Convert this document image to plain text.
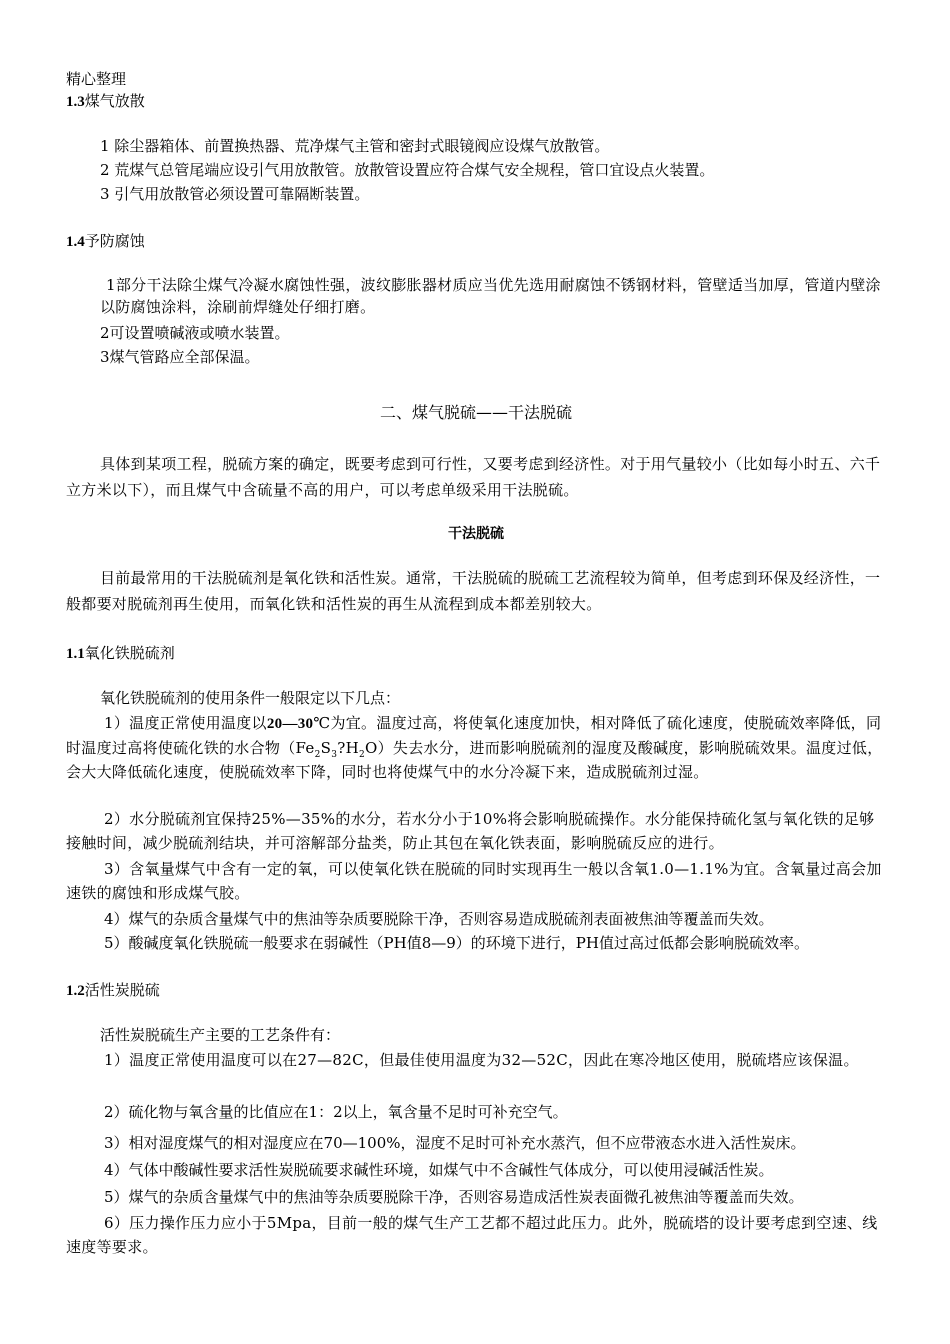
精心整理
1.3煤气放散
1 除尘器箱体、前置换热器、荒净煤气主管和密封式眼镜阀应设煤气放散管。
2 荒煤气总管尾端应设引气用放散管。放散管设置应符合煤气安全规程，管口宜设点火装置。
3 引气用放散管必须设置可靠隔断装置。
1.4予防腐蚀
1部分干法除尘煤气冷凝水腐蚀性强，波纹膨胀器材质应当优先选用耐腐蚀不锈钢材料，管壁适当加厚，管道内壁涂以防腐蚀涂料，涂刷前焊缝处仔细打磨。
2可设置喷碱液或喷水装置。
3煤气管路应全部保温。
二、煤气脱硫——干法脱硫
具体到某项工程，脱硫方案的确定，既要考虑到可行性，又要考虑到经济性。对于用气量较小（比如每小时五、六千立方米以下），而且煤气中含硫量不高的用户，可以考虑单级采用干法脱硫。
干法脱硫
目前最常用的干法脱硫剂是氧化铁和活性炭。通常，干法脱硫的脱硫工艺流程较为简单，但考虑到环保及经济性，一般都要对脱硫剂再生使用，而氧化铁和活性炭的再生从流程到成本都差别较大。
1.1氧化铁脱硫剂
氧化铁脱硫剂的使用条件一般限定以下几点：
1）温度正常使用温度以20—30℃为宜。温度过高，将使氧化速度加快，相对降低了硫化速度，使脱硫效率降低，同时温度过高将使硫化铁的水合物$(Fe_2S_3?H_2O)$失去水分，进而影响脱硫剂的湿度及酸碱度，影响脱硫效果。温度过低，会大大降低硫化速度，使脱硫效率下降，同时也将使煤气中的水分冷凝下来，造成脱硫剂过湿。
2）水分脱硫剂宜保持25%—35%的水分，若水分小于10%将会影响脱硫操作。水分能保持硫化氢与氧化铁的足够接触时间，减少脱硫剂结块，并可溶解部分盐类，防止其包在氧化铁表面，影响脱硫反应的进行。
3）含氧量煤气中含有一定的氧，可以使氧化铁在脱硫的同时实现再生一般以含氧1.0—1.1%为宜。含氧量过高会加速铁的腐蚀和形成煤气胶。
4）煤气的杂质含量煤气中的焦油等杂质要脱除干净，否则容易造成脱硫剂表面被焦油等覆盖而失效。
5）酸碱度氧化铁脱硫一般要求在弱碱性（PH值8—9）的环境下进行，PH值过高过低都会影响脱硫效率。
1.2活性炭脱硫
活性炭脱硫生产主要的工艺条件有：
1）温度正常使用温度可以在27—82C，但最佳使用温度为32—52C，因此在寒冷地区使用，脱硫塔应该保温。
2）硫化物与氧含量的比值应在1：2以上，氧含量不足时可补充空气。
3）相对湿度煤气的相对湿度应在70—100%，湿度不足时可补充水蒸汽，但不应带液态水进入活性炭床。
4）气体中酸碱性要求活性炭脱硫要求碱性环境，如煤气中不含碱性气体成分，可以使用浸碱活性炭。
5）煤气的杂质含量煤气中的焦油等杂质要脱除干净，否则容易造成活性炭表面微孔被焦油等覆盖而失效。
6）压力操作压力应小于5Mpa，目前一般的煤气生产工艺都不超过此压力。此外，脱硫塔的设计要考虑到空速、线速度等要求。
